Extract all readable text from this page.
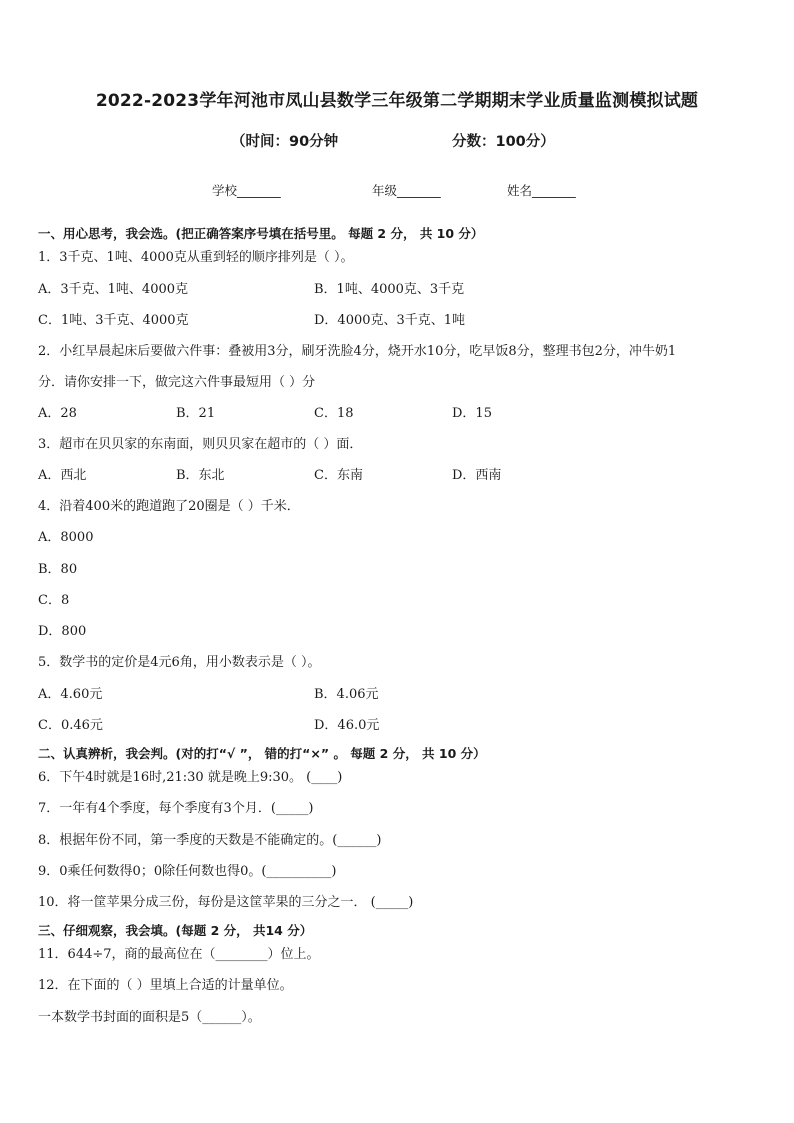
2022-2023学年河池市凤山县数学三年级第二学期期末学业质量监测模拟试题
（时间：90分钟	分数：100分）
学校_______	年级_______	姓名_______
一、用心思考，我会选。(把正确答案序号填在括号里。 每题 2 分， 共 10 分）
1．3千克、1吨、4000克从重到轻的顺序排列是（ ）。
A．3千克、1吨、4000克	B．1吨、4000克、3千克
C．1吨、3千克、4000克	D．4000克、3千克、1吨
2．小红早晨起床后要做六件事：叠被用3分，刷牙洗脸4分，烧开水10分，吃早饭8分，整理书包2分，冲牛奶1
分．请你安排一下，做完这六件事最短用（ ）分
A．28	B．21	C．18	D．15
3．超市在贝贝家的东南面，则贝贝家在超市的（ ）面．
A．西北	B．东北	C．东南	D．西南
4．沿着400米的跑道跑了20圈是（ ）千米．
A．8000
B．80
C．8
D．800
5．数学书的定价是4元6角，用小数表示是（ ）。
A．4.60元	B．4.06元
C．0.46元	D．46.0元
二、认真辨析，我会判。(对的打“√ ”， 错的打“×” 。 每题 2 分， 共 10 分）
6．下午4时就是16时,21:30 就是晚上9:30。 (____)
7．一年有4个季度，每个季度有3个月．(_____)
8．根据年份不同，第一季度的天数是不能确定的。(______)
9．0乘任何数得0；0除任何数也得0。(__________)
10．将一筐苹果分成三份，每份是这筐苹果的三分之一． (_____)
三、仔细观察，我会填。(每题 2 分， 共14 分）
11．644÷7，商的最高位在（________）位上。
12．在下面的（ ）里填上合适的计量单位。
一本数学书封面的面积是5（______）。
